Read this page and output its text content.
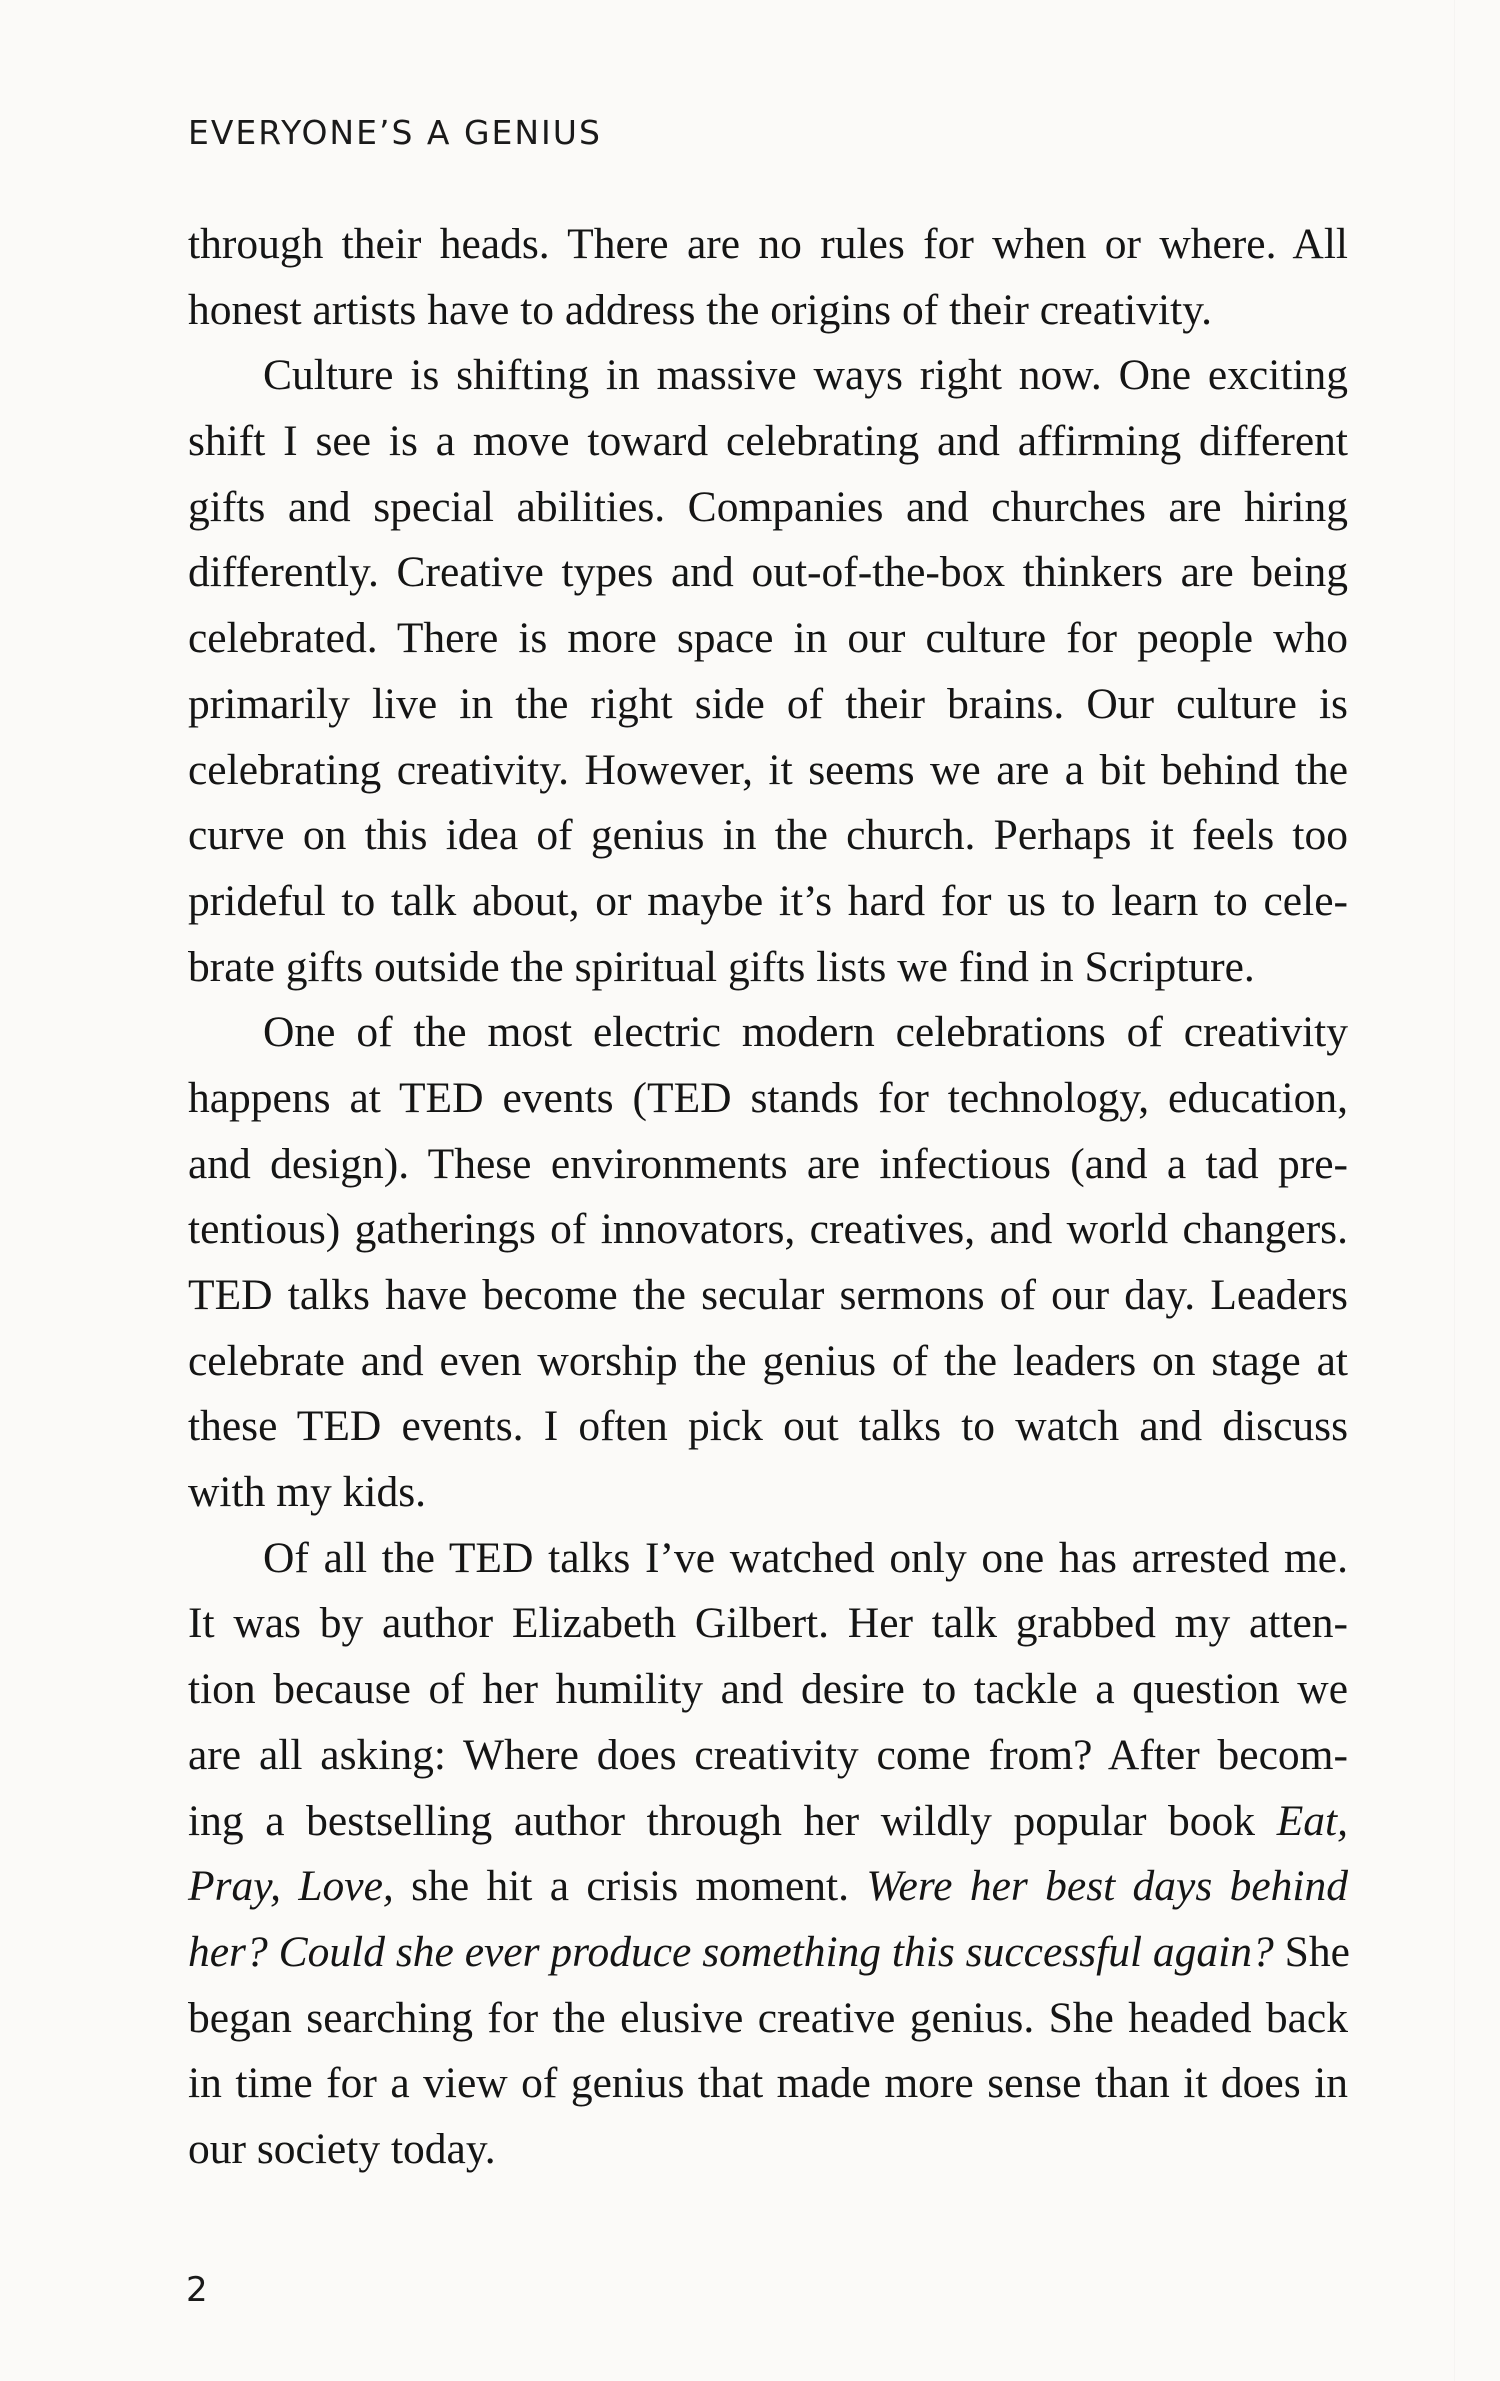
EVERYONE’S A GENIUS
through their heads. There are no rules for when or where. All
honest artists have to address the origins of their creativity.
Culture is shifting in massive ways right now. One exciting
shift I see is a move toward celebrating and affirming different
gifts and special abilities. Companies and churches are hiring
differently. Creative types and out-of-the-box thinkers are being
celebrated. There is more space in our culture for people who
primarily live in the right side of their brains. Our culture is
celebrating creativity. However, it seems we are a bit behind the
curve on this idea of genius in the church. Perhaps it feels too
prideful to talk about, or maybe it’s hard for us to learn to cele-
brate gifts outside the spiritual gifts lists we find in Scripture.
One of the most electric modern celebrations of creativity
happens at TED events (TED stands for technology, education,
and design). These environments are infectious (and a tad pre-
tentious) gatherings of innovators, creatives, and world changers.
TED talks have become the secular sermons of our day. Leaders
celebrate and even worship the genius of the leaders on stage at
these TED events. I often pick out talks to watch and discuss
with my kids.
Of all the TED talks I’ve watched only one has arrested me.
It was by author Elizabeth Gilbert. Her talk grabbed my atten-
tion because of her humility and desire to tackle a question we
are all asking: Where does creativity come from? After becom-
ing a bestselling author through her wildly popular book Eat,
Pray, Love, she hit a crisis moment. Were her best days behind
her? Could she ever produce something this successful again? She
began searching for the elusive creative genius. She headed back
in time for a view of genius that made more sense than it does in
our society today.
2
